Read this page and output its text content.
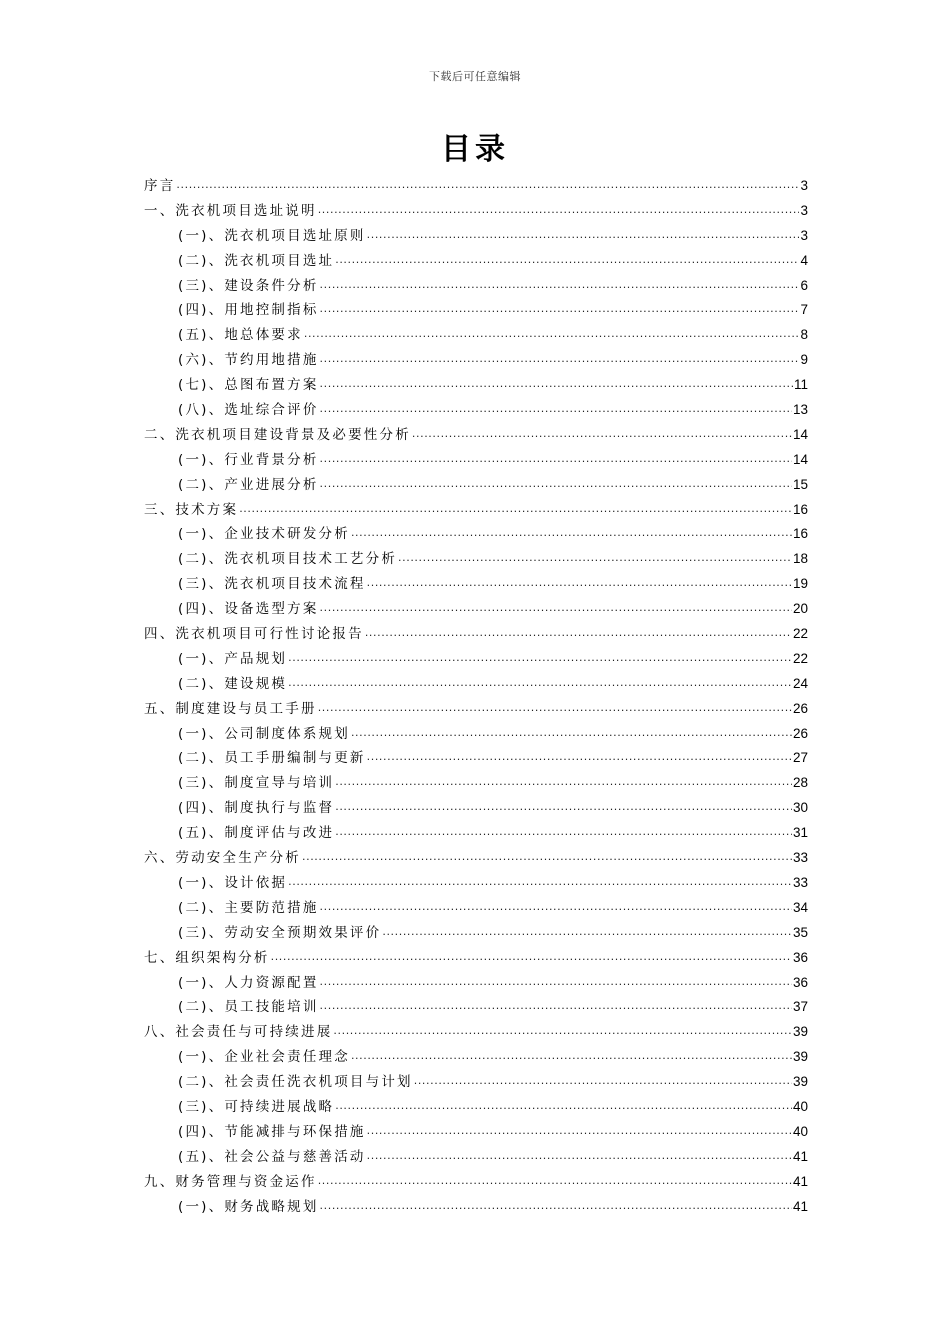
下载后可任意编辑
目录
序言 .....	3
一、洗衣机项目选址说明 .....	3
(一)、洗衣机项目选址原则 .....	3
(二)、洗衣机项目选址 .....	4
(三)、建设条件分析 .....	6
(四)、用地控制指标 .....	7
(五)、地总体要求 .....	8
(六)、节约用地措施 .....	9
(七)、总图布置方案 .....	11
(八)、选址综合评价 .....	13
二、洗衣机项目建设背景及必要性分析 .....	14
(一)、行业背景分析 .....	14
(二)、产业进展分析 .....	15
三、技术方案 .....	16
(一)、企业技术研发分析 .....	16
(二)、洗衣机项目技术工艺分析 .....	18
(三)、洗衣机项目技术流程 .....	19
(四)、设备选型方案 .....	20
四、洗衣机项目可行性讨论报告 .....	22
(一)、产品规划 .....	22
(二)、建设规模 .....	24
五、制度建设与员工手册 .....	26
(一)、公司制度体系规划 .....	26
(二)、员工手册编制与更新 .....	27
(三)、制度宣导与培训 .....	28
(四)、制度执行与监督 .....	30
(五)、制度评估与改进 .....	31
六、劳动安全生产分析 .....	33
(一)、设计依据 .....	33
(二)、主要防范措施 .....	34
(三)、劳动安全预期效果评价 .....	35
七、组织架构分析 .....	36
(一)、人力资源配置 .....	36
(二)、员工技能培训 .....	37
八、社会责任与可持续进展 .....	39
(一)、企业社会责任理念 .....	39
(二)、社会责任洗衣机项目与计划 .....	39
(三)、可持续进展战略 .....	40
(四)、节能减排与环保措施 .....	40
(五)、社会公益与慈善活动 .....	41
九、财务管理与资金运作 .....	41
(一)、财务战略规划 .....	41
